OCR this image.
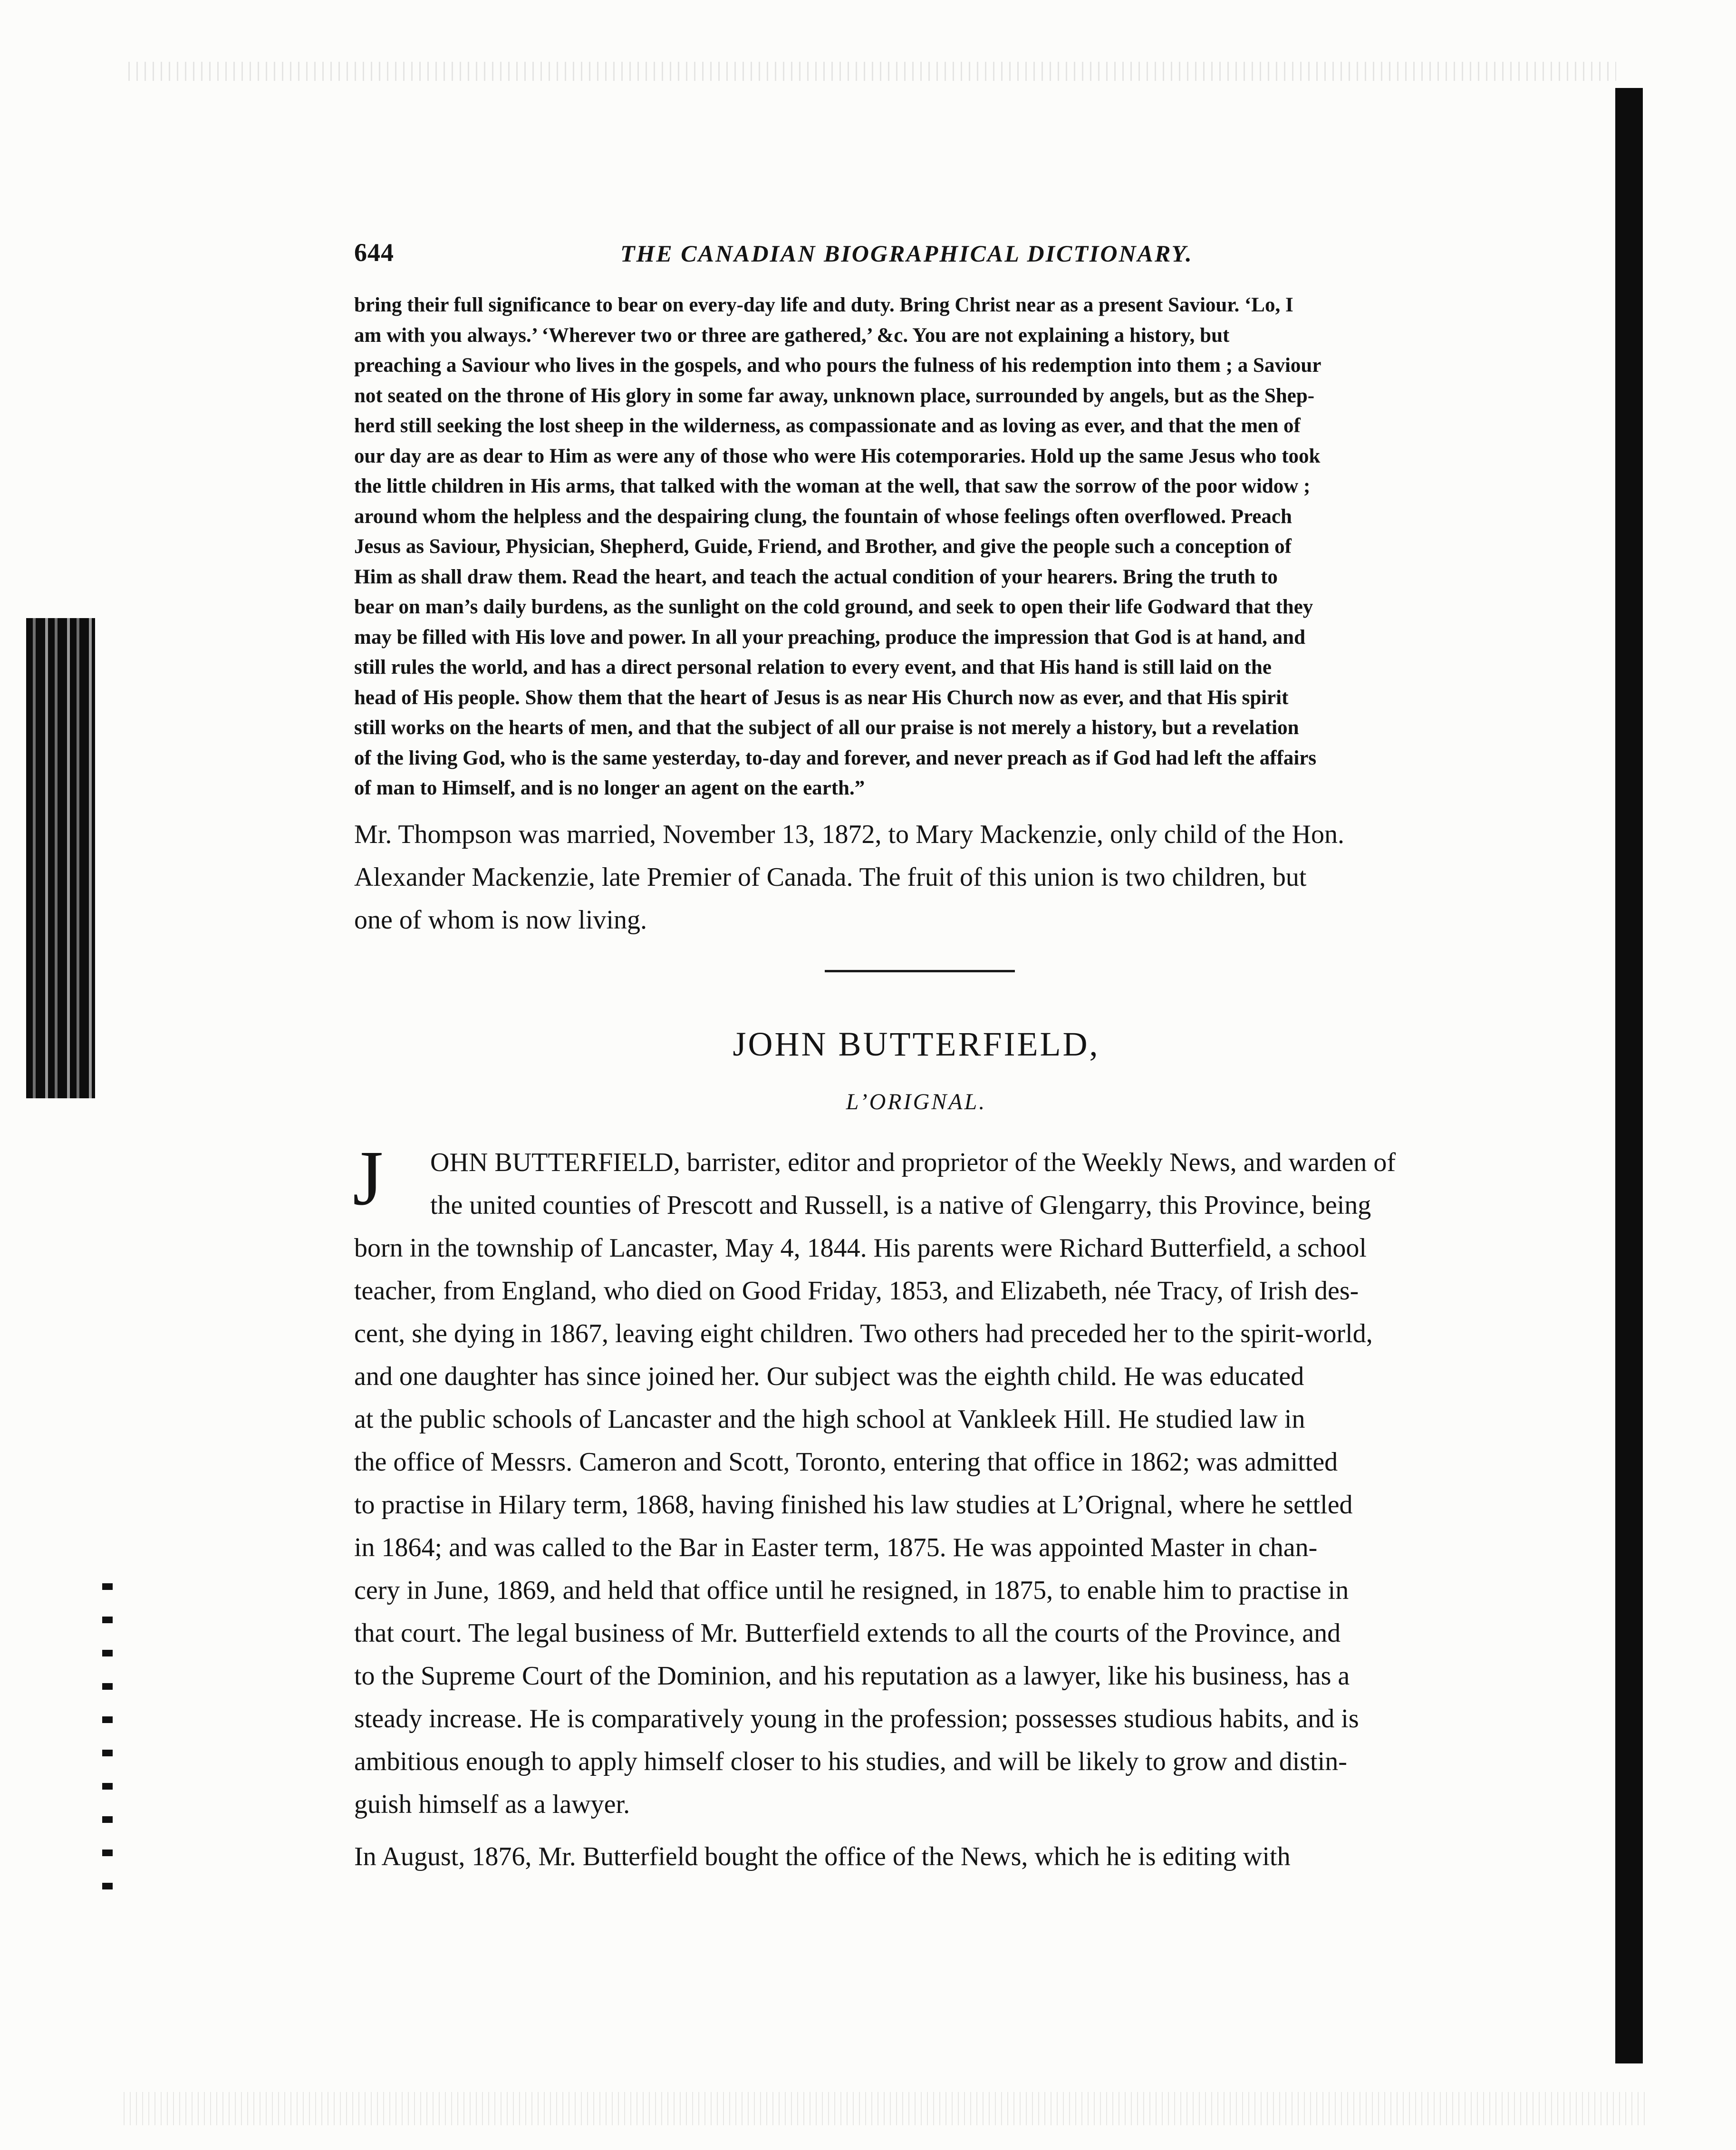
644	THE CANADIAN BIOGRAPHICAL DICTIONARY.

bring their full significance to bear on every-day life and duty. Bring Christ near as a present Saviour. ‘Lo, I
am with you always.’ ‘Wherever two or three are gathered,’ &c. You are not explaining a history, but
preaching a Saviour who lives in the gospels, and who pours the fulness of his redemption into them ; a Saviour
not seated on the throne of His glory in some far away, unknown place, surrounded by angels, but as the Shep-
herd still seeking the lost sheep in the wilderness, as compassionate and as loving as ever, and that the men of
our day are as dear to Him as were any of those who were His cotemporaries. Hold up the same Jesus who took
the little children in His arms, that talked with the woman at the well, that saw the sorrow of the poor widow ;
around whom the helpless and the despairing clung, the fountain of whose feelings often overflowed. Preach
Jesus as Saviour, Physician, Shepherd, Guide, Friend, and Brother, and give the people such a conception of
Him as shall draw them. Read the heart, and teach the actual condition of your hearers. Bring the truth to
bear on man’s daily burdens, as the sunlight on the cold ground, and seek to open their life Godward that they
may be filled with His love and power. In all your preaching, produce the impression that God is at hand, and
still rules the world, and has a direct personal relation to every event, and that His hand is still laid on the
head of His people. Show them that the heart of Jesus is as near His Church now as ever, and that His spirit
still works on the hearts of men, and that the subject of all our praise is not merely a history, but a revelation
of the living God, who is the same yesterday, to-day and forever, and never preach as if God had left the affairs
of man to Himself, and is no longer an agent on the earth.”

Mr. Thompson was married, November 13, 1872, to Mary Mackenzie, only child of the Hon.
Alexander Mackenzie, late Premier of Canada. The fruit of this union is two children, but
one of whom is now living.

JOHN BUTTERFIELD,
L’ORIGNAL.
J OHN BUTTERFIELD, barrister, editor and proprietor of the Weekly News, and warden of
the united counties of Prescott and Russell, is a native of Glengarry, this Province, being

born in the township of Lancaster, May 4, 1844. His parents were Richard Butterfield, a school
teacher, from England, who died on Good Friday, 1853, and Elizabeth, née Tracy, of Irish des-
cent, she dying in 1867, leaving eight children. Two others had preceded her to the spirit-world,
and one daughter has since joined her. Our subject was the eighth child. He was educated
at the public schools of Lancaster and the high school at Vankleek Hill. He studied law in
the office of Messrs. Cameron and Scott, Toronto, entering that office in 1862; was admitted
to practise in Hilary term, 1868, having finished his law studies at L’Orignal, where he settled
in 1864; and was called to the Bar in Easter term, 1875. He was appointed Master in chan-
cery in June, 1869, and held that office until he resigned, in 1875, to enable him to practise in
that court. The legal business of Mr. Butterfield extends to all the courts of the Province, and
to the Supreme Court of the Dominion, and his reputation as a lawyer, like his business, has a
steady increase. He is comparatively young in the profession; possesses studious habits, and is
ambitious enough to apply himself closer to his studies, and will be likely to grow and distin-
guish himself as a lawyer.

In August, 1876, Mr. Butterfield bought the office of the News, which he is editing with
